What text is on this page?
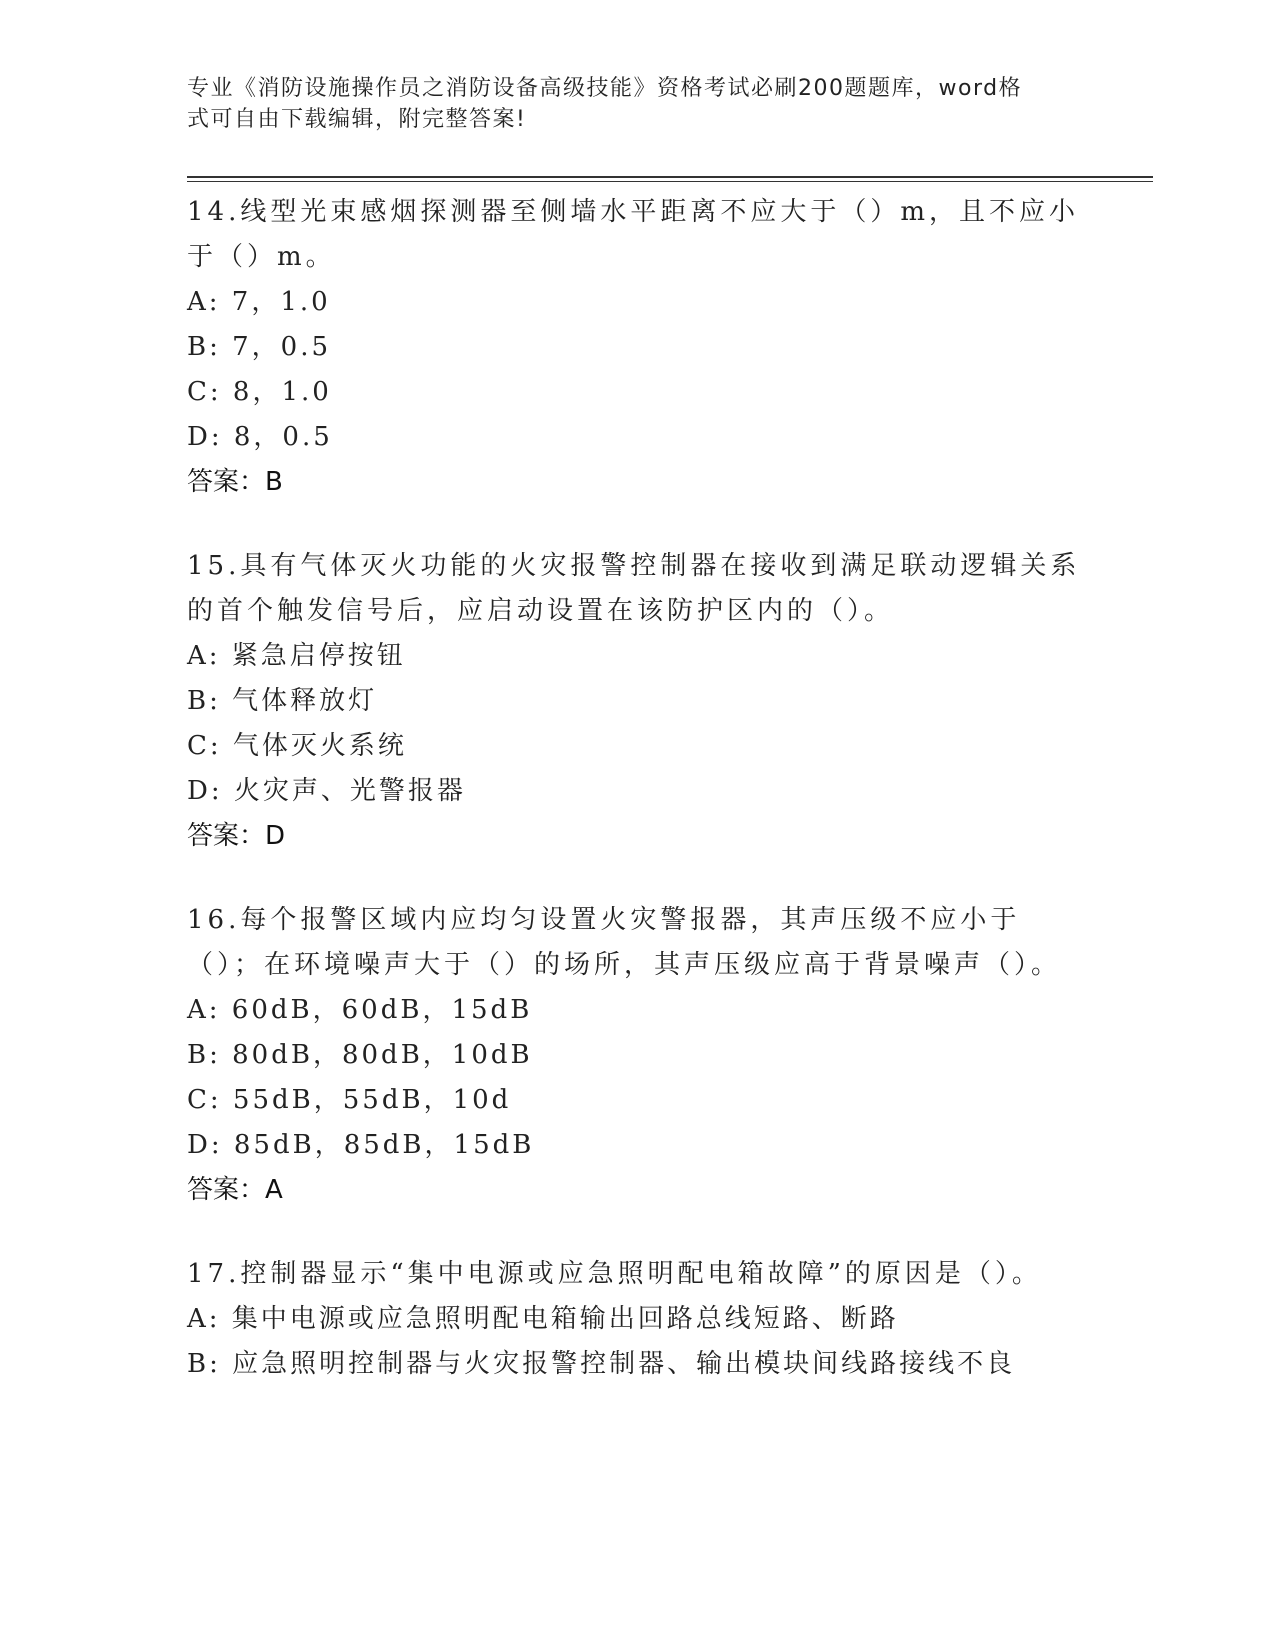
专业《消防设施操作员之消防设备高级技能》资格考试必刷200题题库，word格
式可自由下载编辑，附完整答案!
14.线型光束感烟探测器至侧墙水平距离不应大于（）m，且不应小于（）m。
A: 7，1.0
B: 7，0.5
C: 8，1.0
D: 8，0.5
答案：B
15.具有气体灭火功能的火灾报警控制器在接收到满足联动逻辑关系的首个触发信号后，应启动设置在该防护区内的（）。
A: 紧急启停按钮
B: 气体释放灯
C: 气体灭火系统
D: 火灾声、光警报器
答案：D
16.每个报警区域内应均匀设置火灾警报器，其声压级不应小于（）；在环境噪声大于（）的场所，其声压级应高于背景噪声（）。
A: 60dB，60dB，15dB
B: 80dB，80dB，10dB
C: 55dB，55dB，10d
D: 85dB，85dB，15dB
答案：A
17.控制器显示“集中电源或应急照明配电箱故障”的原因是（）。
A: 集中电源或应急照明配电箱输出回路总线短路、断路
B: 应急照明控制器与火灾报警控制器、输出模块间线路接线不良
